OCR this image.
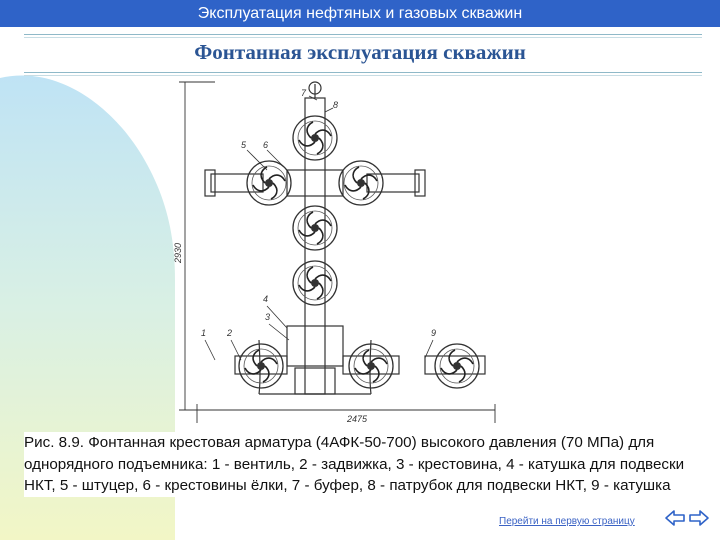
Эксплуатация нефтяных и газовых скважин
Фонтанная эксплуатация скважин
2930
2475
1 2
3
4
5 6
7
8
9
Рис. 8.9. Фонтанная крестовая арматура (4АФК-50-700) высокого давления (70 МПа) для однорядного подъемника: 1 - вентиль, 2 - задвижка, 3 - крестовина, 4 - катушка для подвески НКТ, 5 - штуцер, 6 - крестовины ёлки, 7 - буфер, 8 - патрубок для подвески НКТ, 9 - катушка
Перейти на первую страницу
